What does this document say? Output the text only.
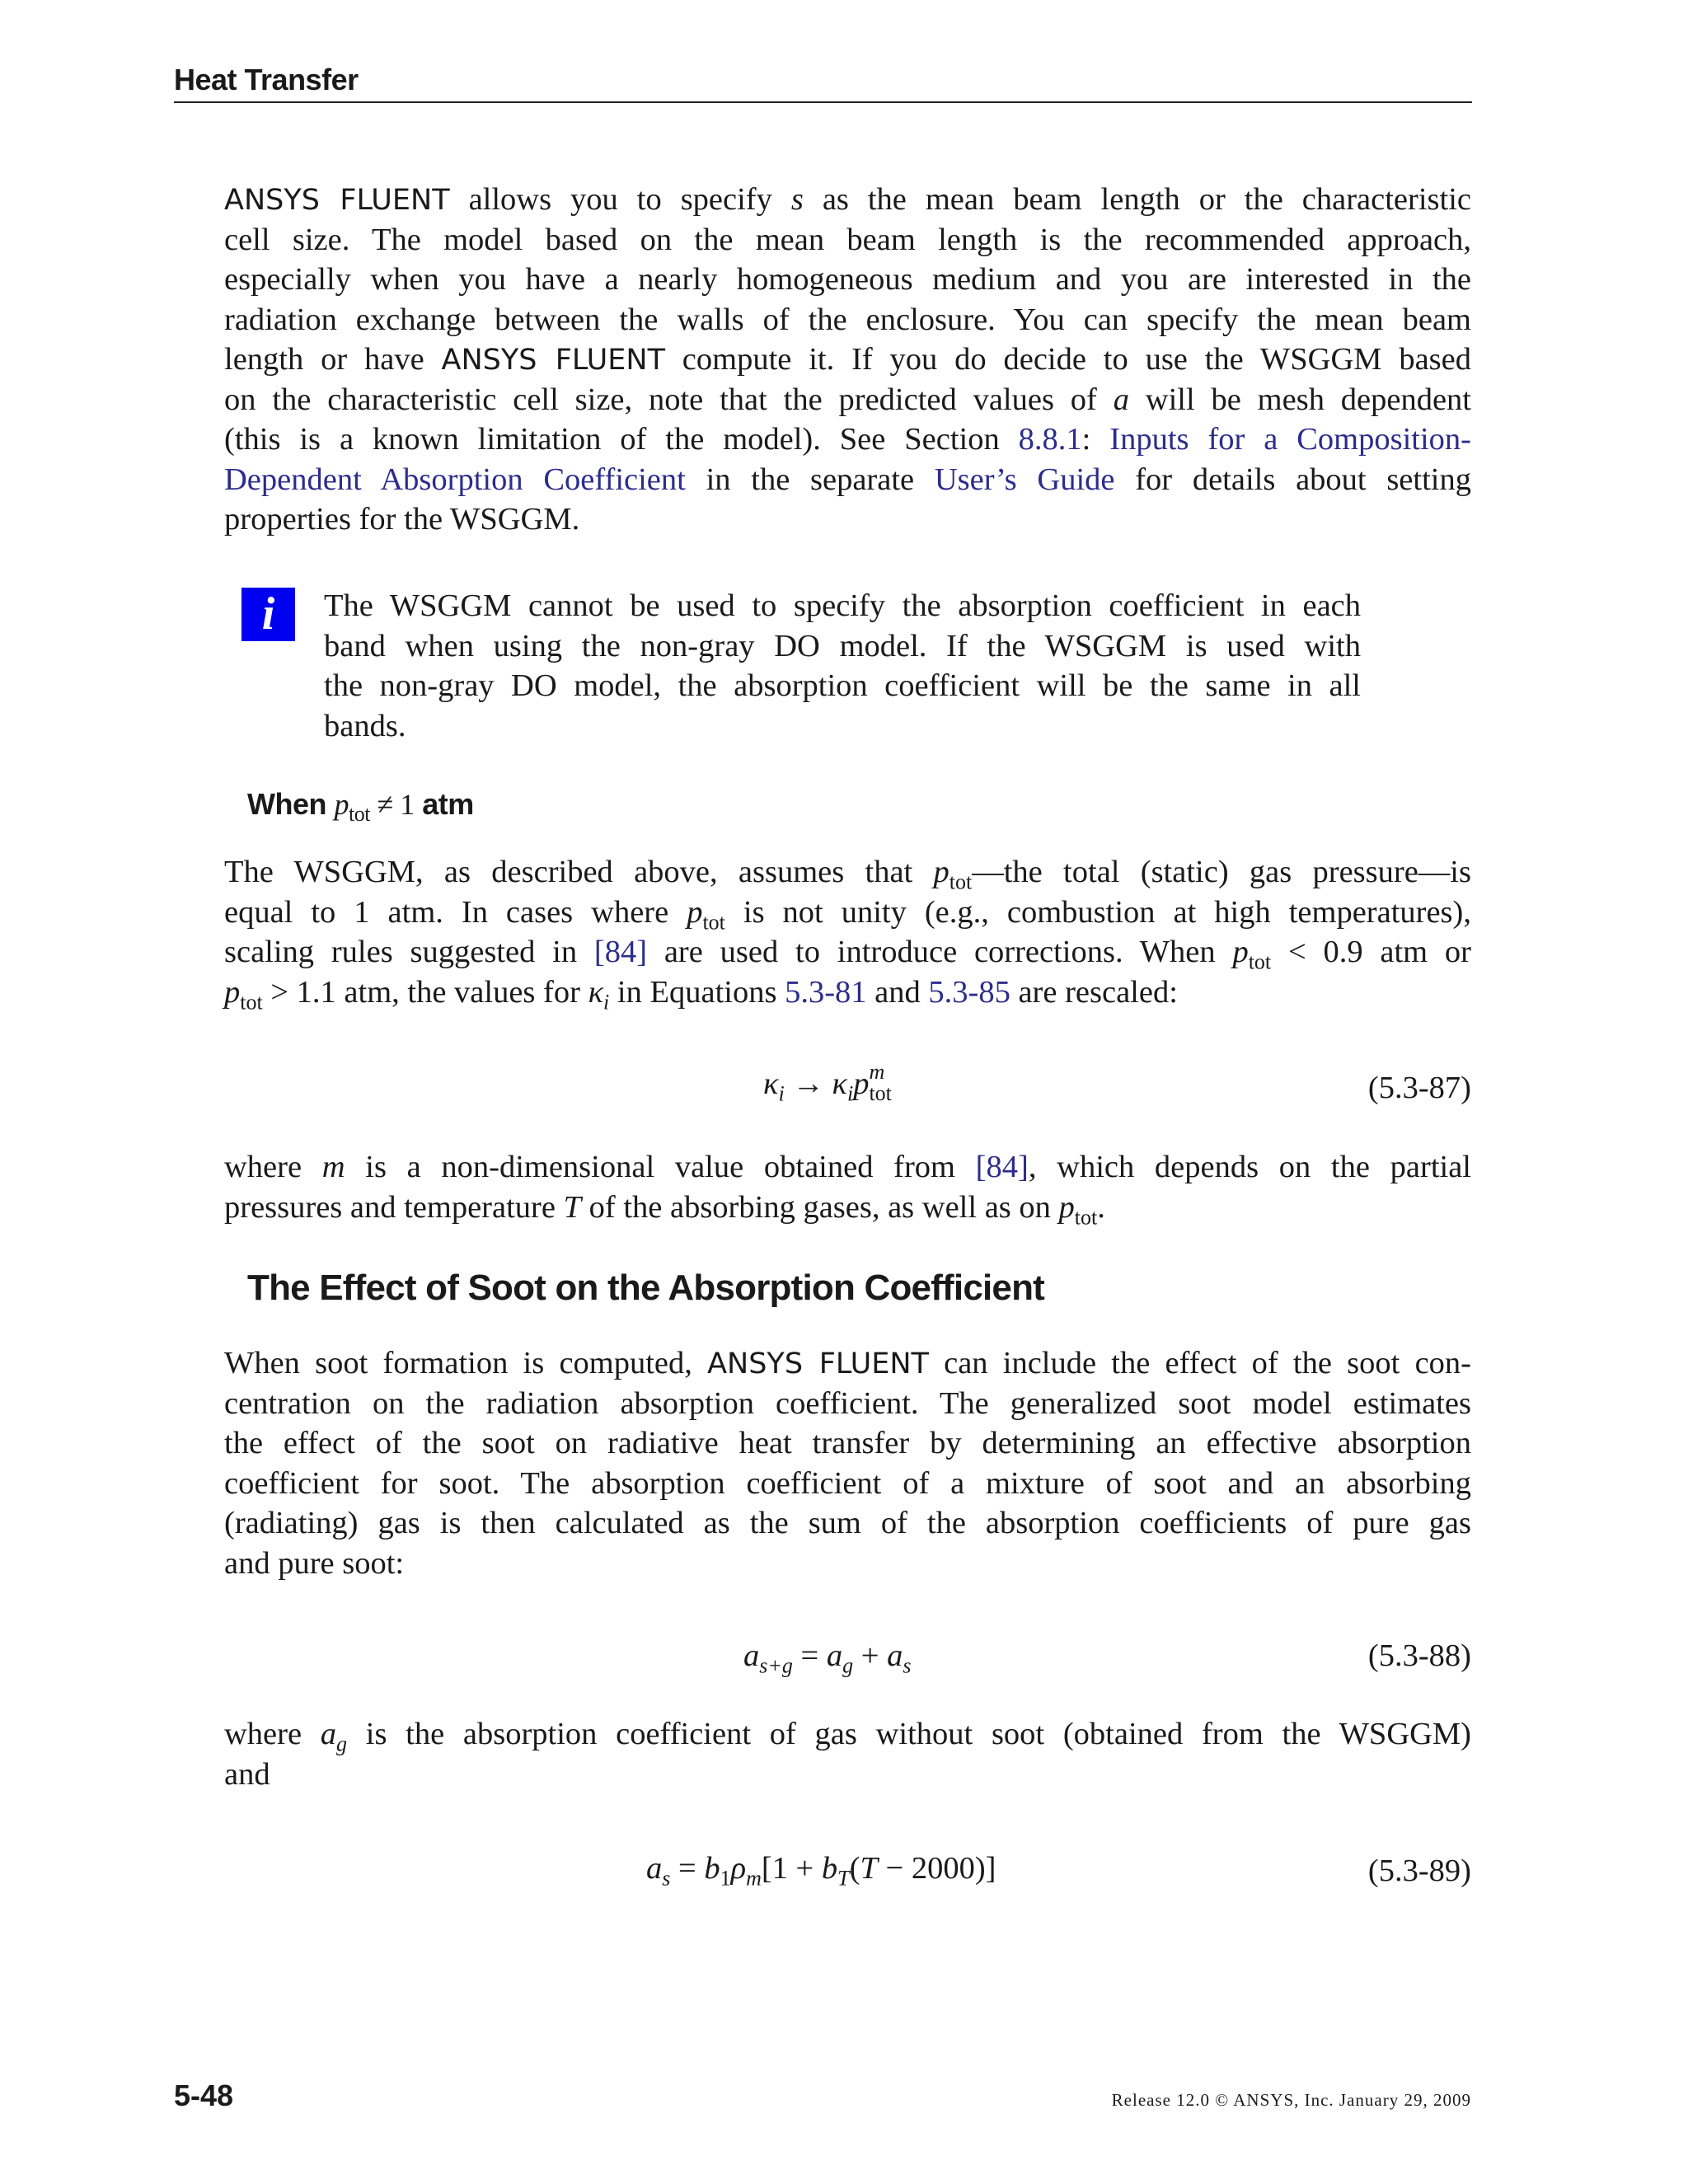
Heat Transfer
ANSYS FLUENT allows you to specify s as the mean beam length or the characteristic
cell size. The model based on the mean beam length is the recommended approach,
especially when you have a nearly homogeneous medium and you are interested in the
radiation exchange between the walls of the enclosure. You can specify the mean beam
length or have ANSYS FLUENT compute it. If you do decide to use the WSGGM based
on the characteristic cell size, note that the predicted values of a will be mesh dependent
(this is a known limitation of the model). See Section 8.8.1: Inputs for a Composition-
Dependent Absorption Coefficient in the separate User’s Guide for details about setting
properties for the WSGGM.
i	The WSGGM cannot be used to specify the absorption coefficient in each
band when using the non-gray DO model. If the WSGGM is used with
the non-gray DO model, the absorption coefficient will be the same in all
bands.
When $p_{tot} \ne 1$ atm
The WSGGM, as described above, assumes that $p_{tot}—the$ total (static) gas pressure—is
equal to 1 atm. In cases where $p_{tot}$ is not unity (e.g., combustion at high temperatures),
scaling rules suggested in [84] are used to introduce corrections. When $p_{tot} < 0.9$ atm or
$p_{tot} > 1.1$ atm, the values for $\kappa_i$ in Equations 5.3-81 and 5.3-85 are rescaled:
$\kappa_i \to \kappa_ip$ m
tot	(5.3-87)
where m is a non-dimensional value obtained from [84], which depends on the partial
pressures and temperature T of the absorbing gases, as well as on $p_{tot}$.
The Effect of Soot on the Absorption Coefficient
When soot formation is computed, ANSYS FLUENT can include the effect of the soot con-
centration on the radiation absorption coefficient. The generalized soot model estimates
the effect of the soot on radiative heat transfer by determining an effective absorption
coefficient for soot. The absorption coefficient of a mixture of soot and an absorbing
(radiating) gas is then calculated as the sum of the absorption coefficients of pure gas
and pure soot:
$a_{s+g} = a_g + a_s$	(5.3-88)
where $a_g$ is the absorption coefficient of gas without soot (obtained from the WSGGM)
and
$a_s = b_1\rho_m[1 + b_T(T - 2000)]$	(5.3-89)
5-48	Release 12.0 © ANSYS, Inc. January 29, 2009
